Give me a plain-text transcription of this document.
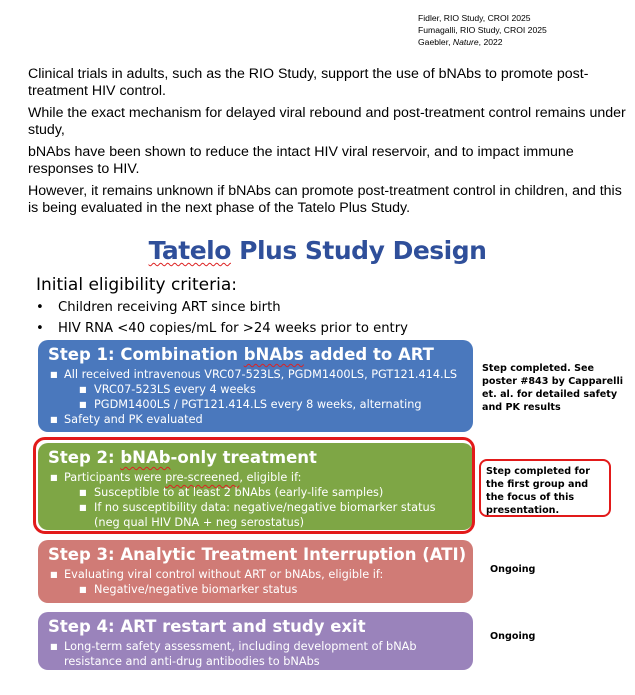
Fidler, RIO Study, CROI 2025
Fumagalli, RIO Study, CROI 2025
Gaebler, Nature, 2022

Clinical trials in adults, such as the RIO Study, support the use of bNAbs to promote post-treatment HIV control.

While the exact mechanism for delayed viral rebound and post-treatment control remains under study,

bNAbs have been shown to reduce the intact HIV viral reservoir, and to impact immune responses to HIV.

However, it remains unknown if bNAbs can promote post-treatment control in children, and this is being evaluated in the next phase of the Tatelo Plus Study.

Tatelo Plus Study Design
Initial eligibility criteria:
• Children receiving ART since birth
• HIV RNA <40 copies/mL for >24 weeks prior to entry
Step 1: Combination bNAbs added to ART
■ All received intravenous VRC07-523LS, PGDM1400LS, PGT121.414.LS
■ VRC07-523LS every 4 weeks
■ PGDM1400LS / PGT121.414.LS every 8 weeks, alternating
■ Safety and PK evaluated
Step 2: bNAb-only treatment
■ Participants were pre-screened, eligible if:
■ Susceptible to at least 2 bNAbs (early-life samples)
■ If no susceptibility data: negative/negative biomarker status
(neg qual HIV DNA + neg serostatus)
Step 3: Analytic Treatment Interruption (ATI)
■ Evaluating viral control without ART or bNAbs, eligible if:
■ Negative/negative biomarker status
Step 4: ART restart and study exit
■ Long-term safety assessment, including development of bNAb resistance and anti-drug antibodies to bNAbs
Step completed. See poster #843 by Capparelli et. al. for detailed safety and PK results
Step completed for the first group and the focus of this presentation.
Ongoing
Ongoing
